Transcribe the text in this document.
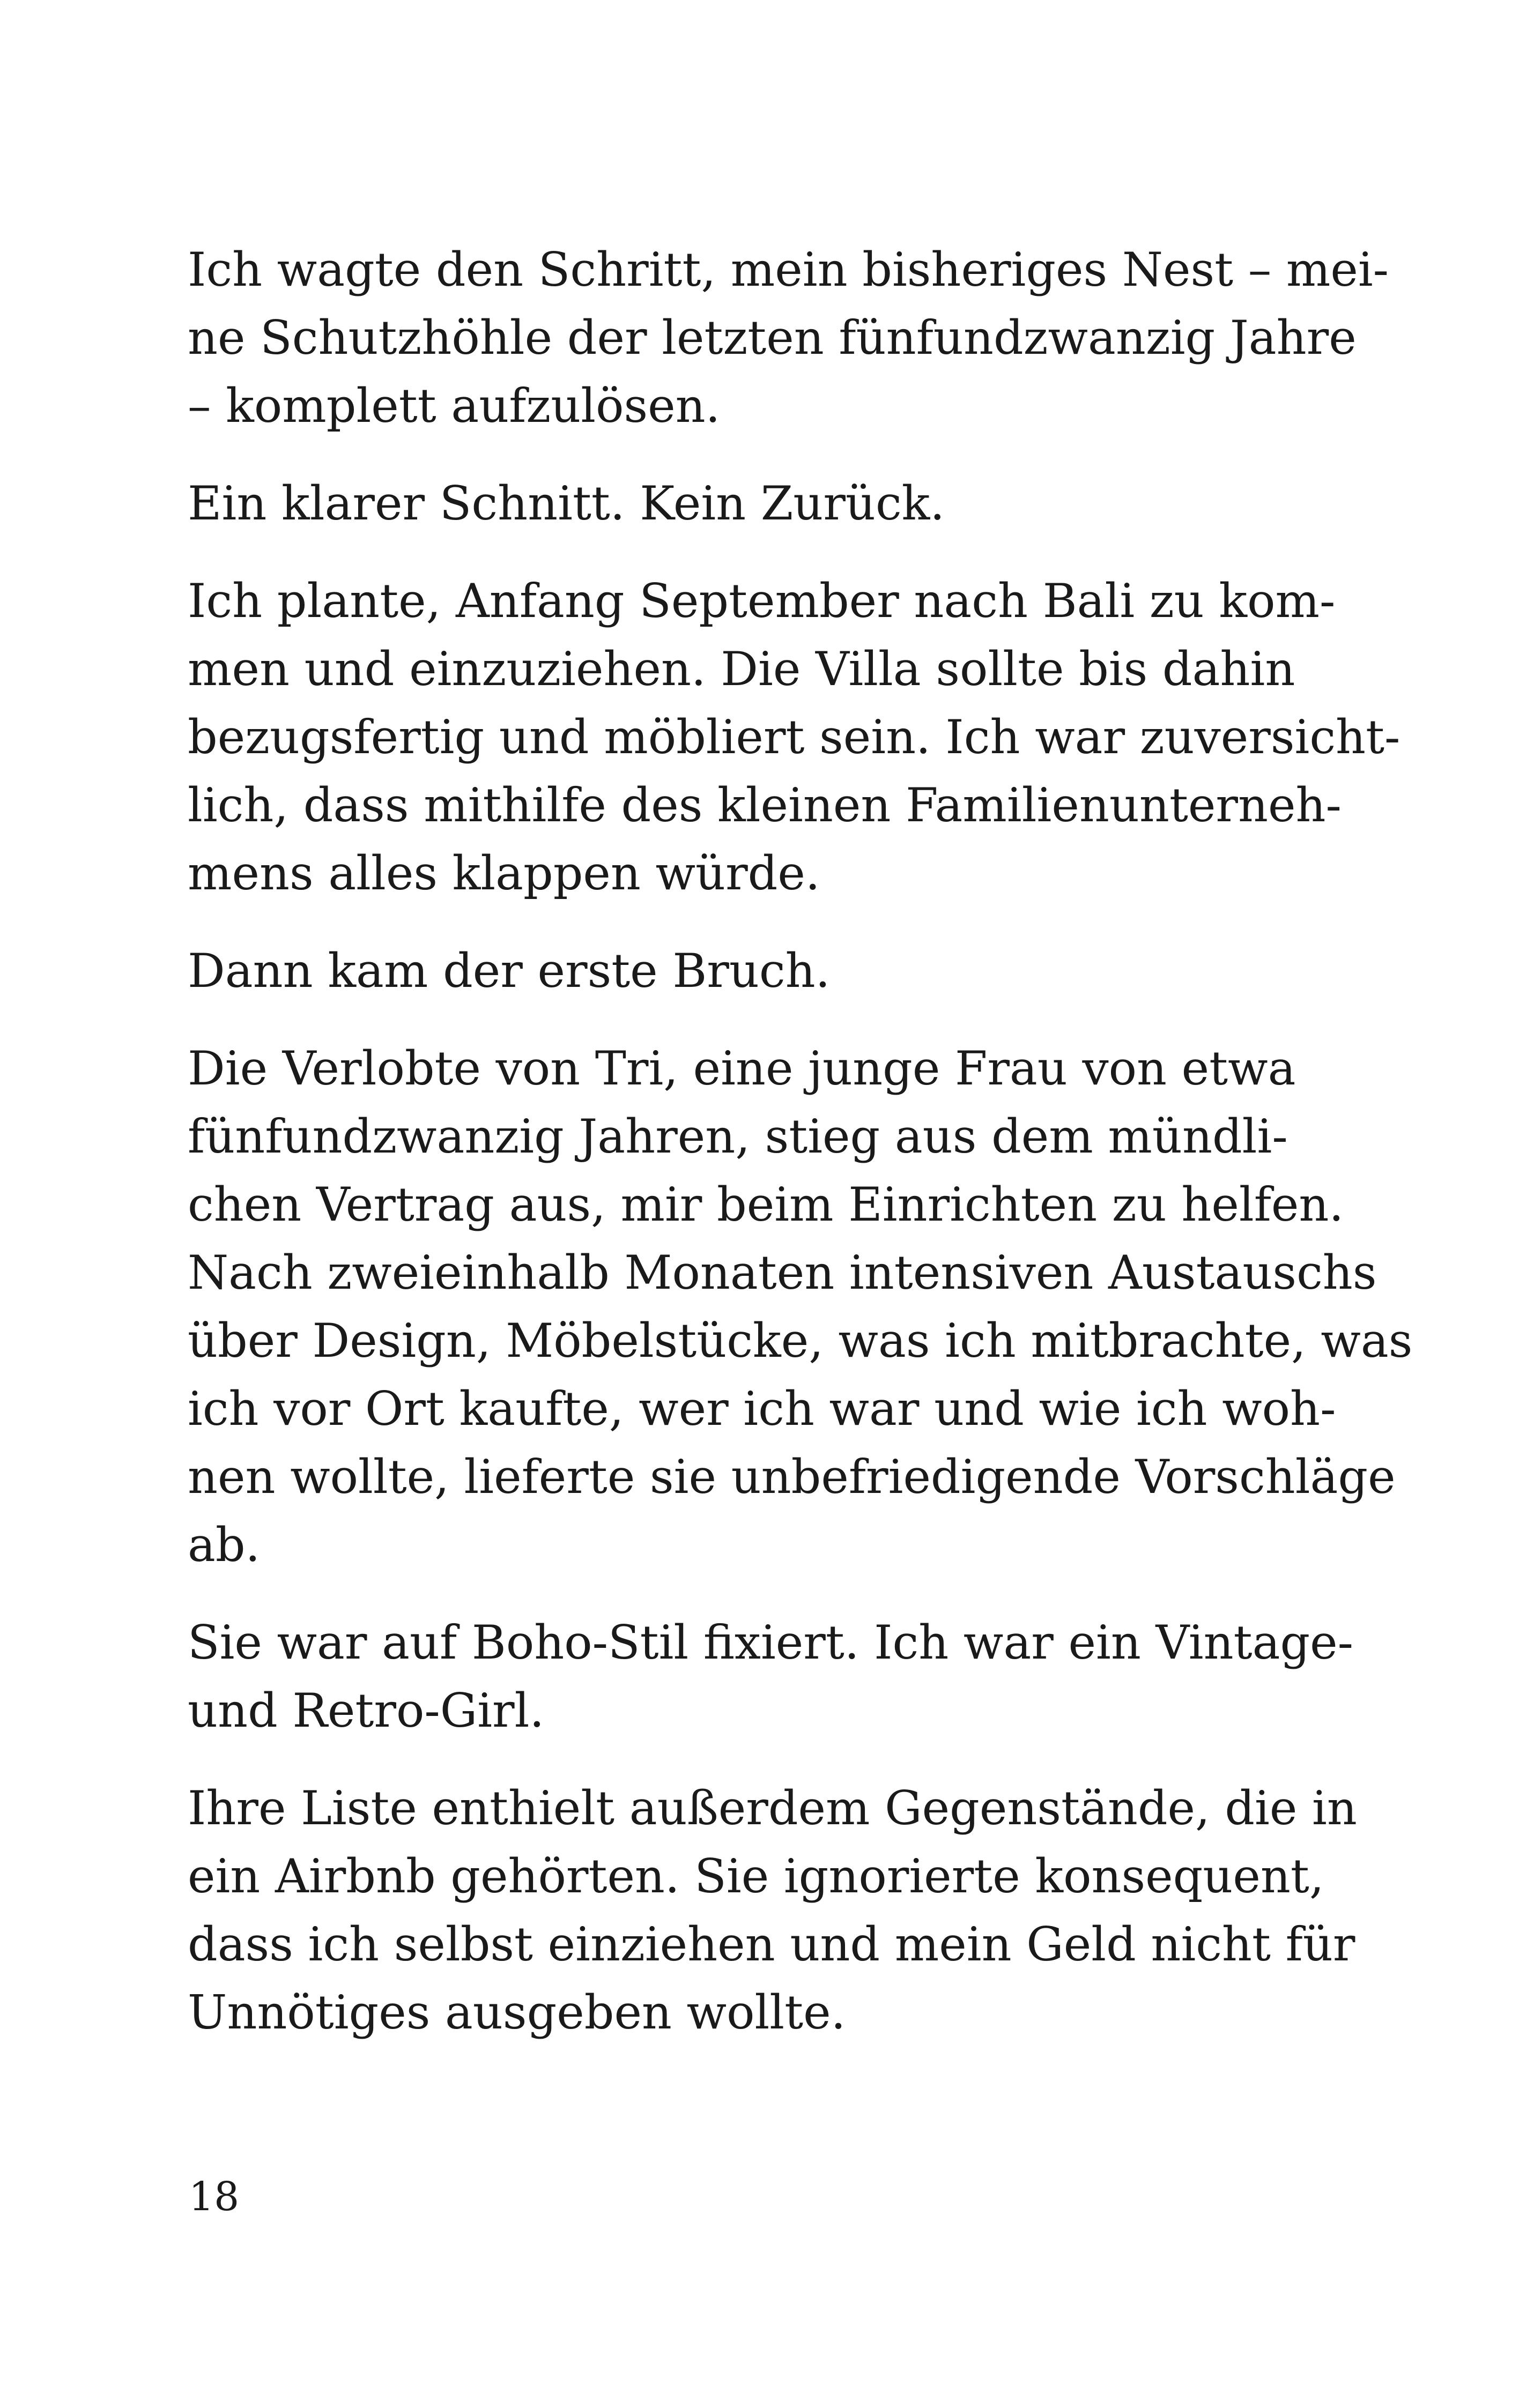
Ich wagte den Schritt, mein bisheriges Nest – mei-
ne Schutzhöhle der letzten fünfundzwanzig Jahre
– komplett aufzulösen.

Ein klarer Schnitt. Kein Zurück.

Ich plante, Anfang September nach Bali zu kom-
men und einzuziehen. Die Villa sollte bis dahin
bezugsfertig und möbliert sein. Ich war zuversicht-
lich, dass mithilfe des kleinen Familienunterneh-
mens alles klappen würde.

Dann kam der erste Bruch.

Die Verlobte von Tri, eine junge Frau von etwa
fünfundzwanzig Jahren, stieg aus dem mündli-
chen Vertrag aus, mir beim Einrichten zu helfen.
Nach zweieinhalb Monaten intensiven Austauschs
über Design, Möbelstücke, was ich mitbrachte, was
ich vor Ort kaufte, wer ich war und wie ich woh-
nen wollte, lieferte sie unbefriedigende Vorschläge
ab.

Sie war auf Boho-Stil fixiert. Ich war ein Vintage-
und Retro-Girl.

Ihre Liste enthielt außerdem Gegenstände, die in
ein Airbnb gehörten. Sie ignorierte konsequent,
dass ich selbst einziehen und mein Geld nicht für
Unnötiges ausgeben wollte.

18
